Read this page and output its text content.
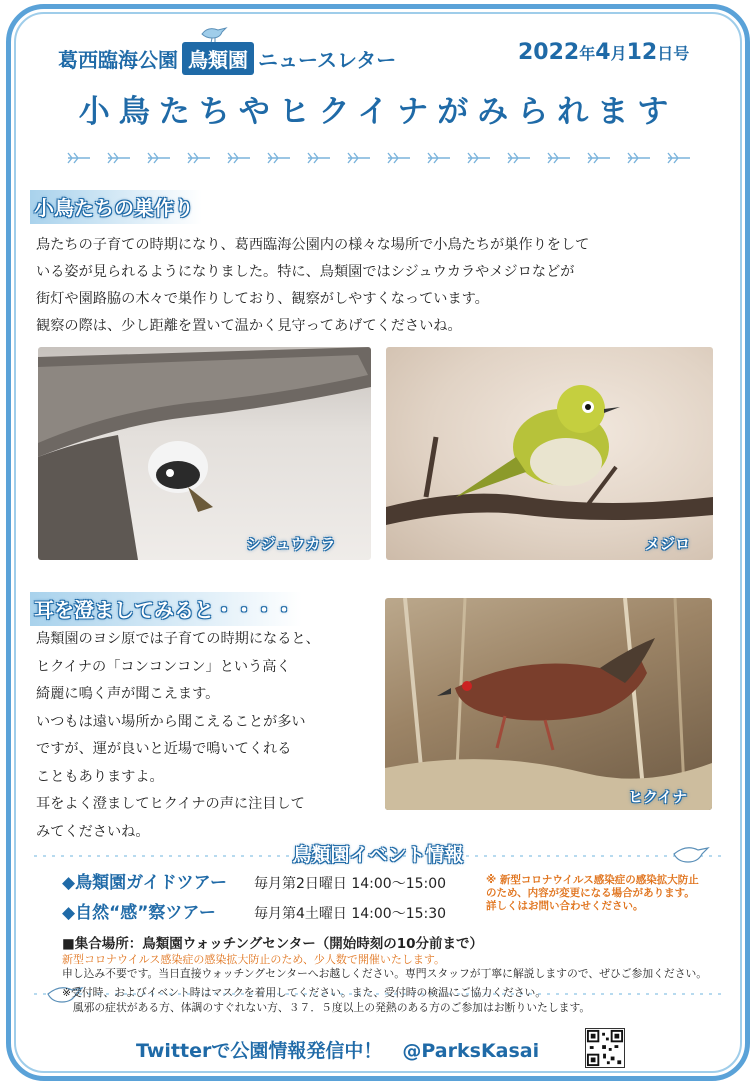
葛西臨海公園 鳥類園 ニュースレター	2022年4月12日号
小鳥たちやヒクイナがみられます
小鳥たちの巣作り
鳥たちの子育ての時期になり、葛西臨海公園内の様々な場所で小鳥たちが巣作りをして
いる姿が見られるようになりました。特に、鳥類園ではシジュウカラやメジロなどが
街灯や園路脇の木々で巣作りしており、観察がしやすくなっています。
観察の際は、少し距離を置いて温かく見守ってあげてくださいね。
シジュウカラ	メジロ
耳を澄ましてみると・・・・
鳥類園のヨシ原では子育ての時期になると、
ヒクイナの「コンコンコン」という高く
綺麗に鳴く声が聞こえます。
いつもは遠い場所から聞こえることが多い
ですが、運が良いと近場で鳴いてくれる
こともありますよ。
耳をよく澄ましてヒクイナの声に注目して
みてくださいね。
ヒクイナ
鳥類園イベント情報
◆鳥類園ガイドツアー 毎月第2日曜日 14:00〜15:00
◆自然“感”察ツアー	毎月第4土曜日 14:00〜15:30
※ 新型コロナウイルス感染症の感染拡大防止
のため、内容が変更になる場合があります。
詳しくはお問い合わせください。
■集合場所：鳥類園ウォッチングセンター（開始時刻の10分前まで）
新型コロナウイルス感染症の感染拡大防止のため、少人数で開催いたします。
申し込み不要です。当日直接ウォッチングセンターへお越しください。専門スタッフが丁寧に解説しますので、ぜひご参加ください。
※受付時、およびイベント時はマスクを着用してください。また、受付時の検温にご協力ください。
　風邪の症状がある方、体調のすぐれない方、３７．５度以上の発熱のある方のご参加はお断りいたします。
Twitterで公園情報発信中！ @ParksKasai
